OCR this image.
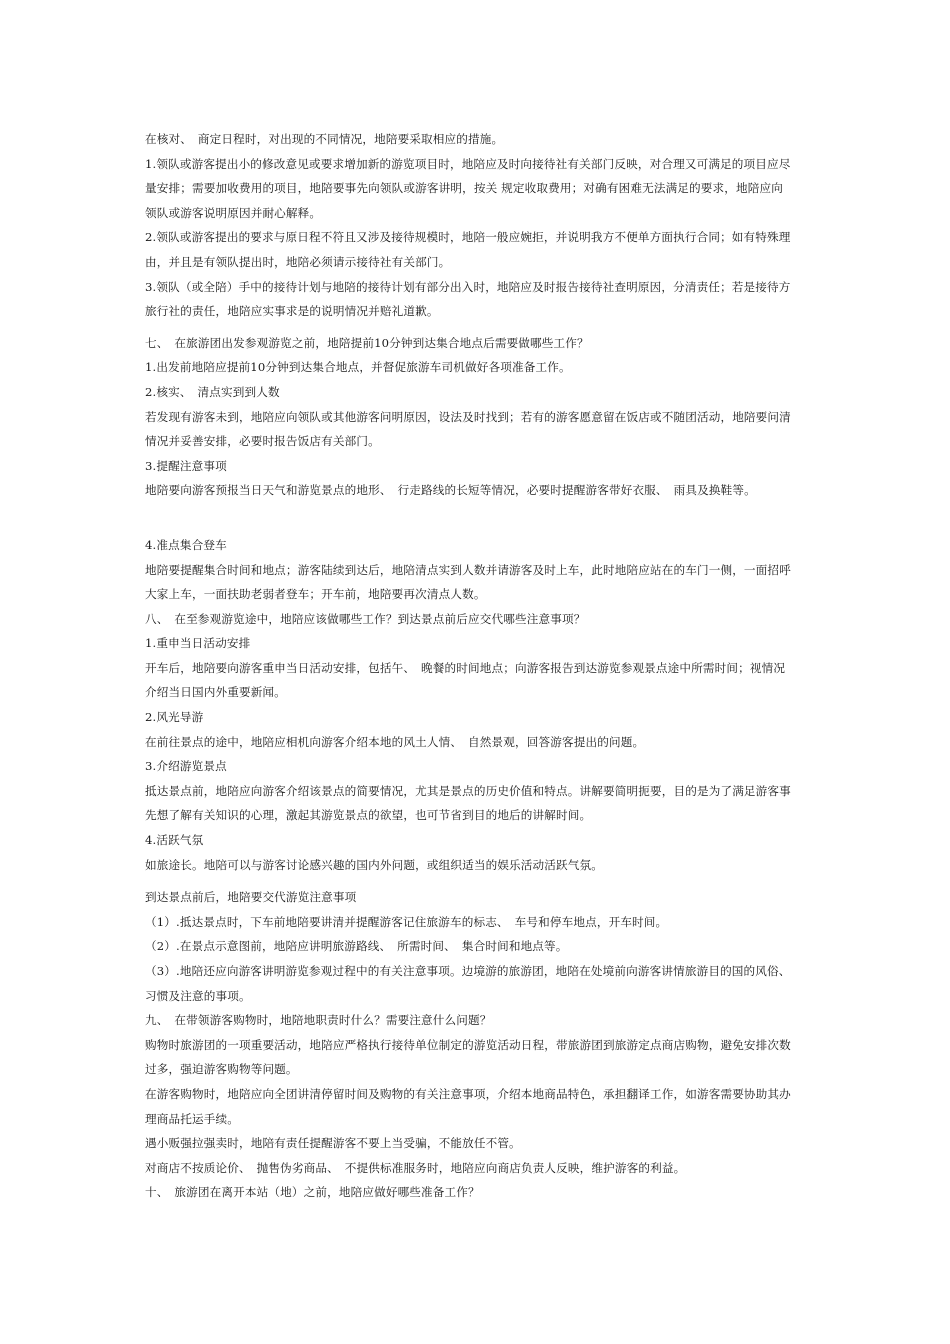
在核对、　商定日程时，对出现的不同情况，地陪要采取相应的措施。

1.领队或游客提出小的修改意见或要求增加新的游览项目时，地陪应及时向接待社有关部门反映，对合理又可满足的项目应尽

量安排；需要加收费用的项目，地陪要事先向领队或游客讲明，按关 规定收取费用；对确有困难无法满足的要求，地陪应向

领队或游客说明原因并耐心解释。

2.领队或游客提出的要求与原日程不符且又涉及接待规模时，地陪一般应婉拒，并说明我方不便单方面执行合同；如有特殊理

由，并且是有领队提出时，地陪必须请示接待社有关部门。

3.领队（或全陪）手中的接待计划与地陪的接待计划有部分出入时，地陪应及时报告接待社查明原因，分清责任；若是接待方

旅行社的责任，地陪应实事求是的说明情况并赔礼道歉。

七、　在旅游团出发参观游览之前，地陪提前10分钟到达集合地点后需要做哪些工作？

1.出发前地陪应提前10分钟到达集合地点，并督促旅游车司机做好各项准备工作。

2.核实、　清点实到到人数

若发现有游客未到，地陪应向领队或其他游客问明原因，设法及时找到；若有的游客愿意留在饭店或不随团活动，地陪要问清

情况并妥善安排，必要时报告饭店有关部门。

3.提醒注意事项

地陪要向游客预报当日天气和游览景点的地形、　行走路线的长短等情况，必要时提醒游客带好衣服、　雨具及换鞋等。

4.准点集合登车

地陪要提醒集合时间和地点；游客陆续到达后，地陪清点实到人数并请游客及时上车，此时地陪应站在的车门一侧，一面招呼

大家上车，一面扶助老弱者登车；开车前，地陪要再次清点人数。

八、　在至参观游览途中，地陪应该做哪些工作？到达景点前后应交代哪些注意事项？

1.重申当日活动安排

开车后，地陪要向游客重申当日活动安排，包括午、　晚餐的时间地点；向游客报告到达游览参观景点途中所需时间；视情况

介绍当日国内外重要新闻。

2.风光导游

在前往景点的途中，地陪应相机向游客介绍本地的风土人情、　自然景观，回答游客提出的问题。

3.介绍游览景点

抵达景点前，地陪应向游客介绍该景点的简要情况，尤其是景点的历史价值和特点。讲解要简明扼要，目的是为了满足游客事

先想了解有关知识的心理，激起其游览景点的欲望，也可节省到目的地后的讲解时间。

4.活跃气氛

如旅途长。地陪可以与游客讨论感兴趣的国内外问题，或组织适当的娱乐活动活跃气氛。

到达景点前后，地陪要交代游览注意事项

（1）.抵达景点时，下车前地陪要讲清并提醒游客记住旅游车的标志、　车号和停车地点，开车时间。

（2）.在景点示意图前，地陪应讲明旅游路线、　所需时间、　集合时间和地点等。

（3）.地陪还应向游客讲明游览参观过程中的有关注意事项。边境游的旅游团，地陪在处境前向游客讲情旅游目的国的风俗、

习惯及注意的事项。

九、　在带领游客购物时，地陪地职责时什么？需要注意什么问题？

购物时旅游团的一项重要活动，地陪应严格执行接待单位制定的游览活动日程，带旅游团到旅游定点商店购物，避免安排次数

过多，强迫游客购物等问题。

在游客购物时，地陪应向全团讲清停留时间及购物的有关注意事项，介绍本地商品特色，承担翻译工作，如游客需要协助其办

理商品托运手续。

遇小贩强拉强卖时，地陪有责任提醒游客不要上当受骗，不能放任不管。

对商店不按质论价、　抛售伪劣商品、　不提供标准服务时，地陪应向商店负责人反映，维护游客的利益。

十、　旅游团在离开本站（地）之前，地陪应做好哪些准备工作？
